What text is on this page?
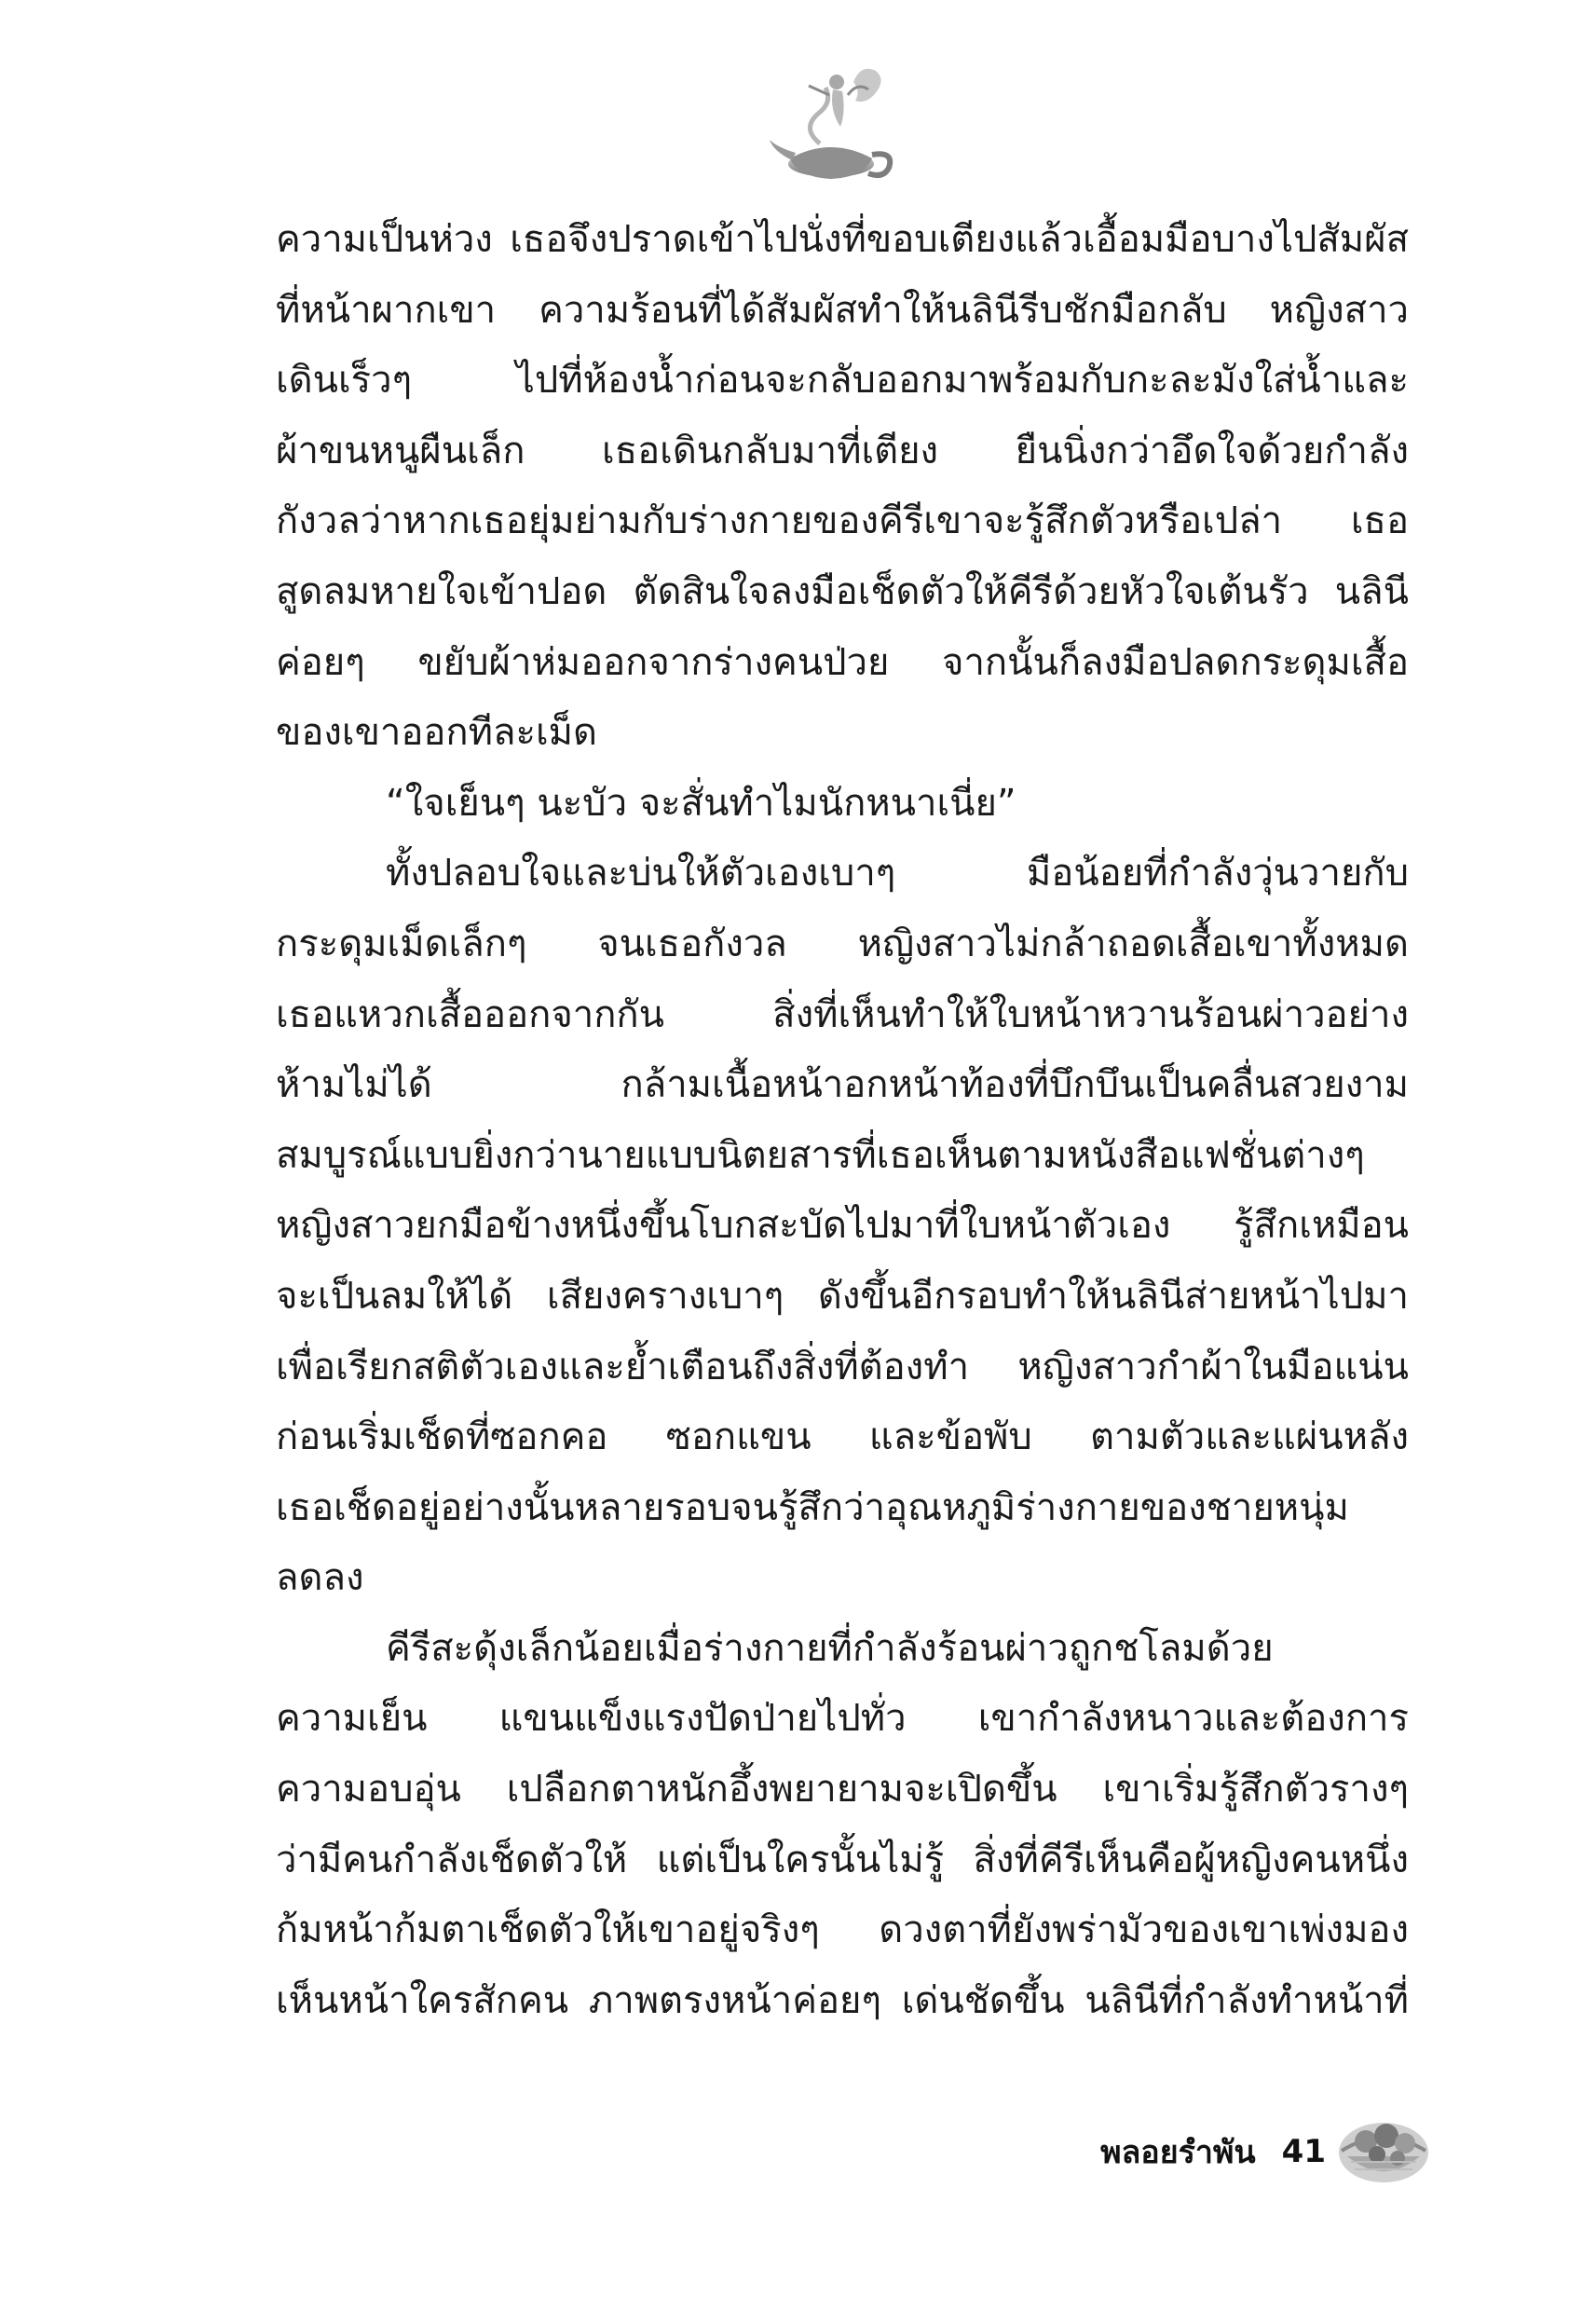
ความเป็นห่วง เธอจึงปราดเข้าไปนั่งที่ขอบเตียงแล้วเอื้อมมือบางไปสัมผัส
ที่หน้าผากเขา ความร้อนที่ได้สัมผัสทำให้นลินีรีบชักมือกลับ หญิงสาว
เดินเร็วๆ ไปที่ห้องน้ำก่อนจะกลับออกมาพร้อมกับกะละมังใส่น้ำและ
ผ้าขนหนูผืนเล็ก เธอเดินกลับมาที่เตียง ยืนนิ่งกว่าอึดใจด้วยกำลัง
กังวลว่าหากเธอยุ่มย่ามกับร่างกายของคีรีเขาจะรู้สึกตัวหรือเปล่า เธอ
สูดลมหายใจเข้าปอด ตัดสินใจลงมือเช็ดตัวให้คีรีด้วยหัวใจเต้นรัว นลินี
ค่อยๆ ขยับผ้าห่มออกจากร่างคนป่วย จากนั้นก็ลงมือปลดกระดุมเสื้อ
ของเขาออกทีละเม็ด
“ใจเย็นๆ นะบัว จะสั่นทำไมนักหนาเนี่ย”
ทั้งปลอบใจและบ่นให้ตัวเองเบาๆ มือน้อยที่กำลังวุ่นวายกับ
กระดุมเม็ดเล็กๆ จนเธอกังวล หญิงสาวไม่กล้าถอดเสื้อเขาทั้งหมด
เธอแหวกเสื้อออกจากกัน สิ่งที่เห็นทำให้ใบหน้าหวานร้อนผ่าวอย่าง
ห้ามไม่ได้ กล้ามเนื้อหน้าอกหน้าท้องที่บึกบึนเป็นคลื่นสวยงาม
สมบูรณ์แบบยิ่งกว่านายแบบนิตยสารที่เธอเห็นตามหนังสือแฟชั่นต่างๆ
หญิงสาวยกมือข้างหนึ่งขึ้นโบกสะบัดไปมาที่ใบหน้าตัวเอง รู้สึกเหมือน
จะเป็นลมให้ได้ เสียงครางเบาๆ ดังขึ้นอีกรอบทำให้นลินีส่ายหน้าไปมา
เพื่อเรียกสติตัวเองและย้ำเตือนถึงสิ่งที่ต้องทำ หญิงสาวกำผ้าในมือแน่น
ก่อนเริ่มเช็ดที่ซอกคอ ซอกแขน และข้อพับ ตามตัวและแผ่นหลัง
เธอเช็ดอยู่อย่างนั้นหลายรอบจนรู้สึกว่าอุณหภูมิร่างกายของชายหนุ่ม
ลดลง
คีรีสะดุ้งเล็กน้อยเมื่อร่างกายที่กำลังร้อนผ่าวถูกชโลมด้วย
ความเย็น แขนแข็งแรงปัดป่ายไปทั่ว เขากำลังหนาวและต้องการ
ความอบอุ่น เปลือกตาหนักอึ้งพยายามจะเปิดขึ้น เขาเริ่มรู้สึกตัวรางๆ
ว่ามีคนกำลังเช็ดตัวให้ แต่เป็นใครนั้นไม่รู้ สิ่งที่คีรีเห็นคือผู้หญิงคนหนึ่ง
ก้มหน้าก้มตาเช็ดตัวให้เขาอยู่จริงๆ ดวงตาที่ยังพร่ามัวของเขาเพ่งมอง
เห็นหน้าใครสักคน ภาพตรงหน้าค่อยๆ เด่นชัดขึ้น นลินีที่กำลังทำหน้าที่
พลอยรำพัน 41
